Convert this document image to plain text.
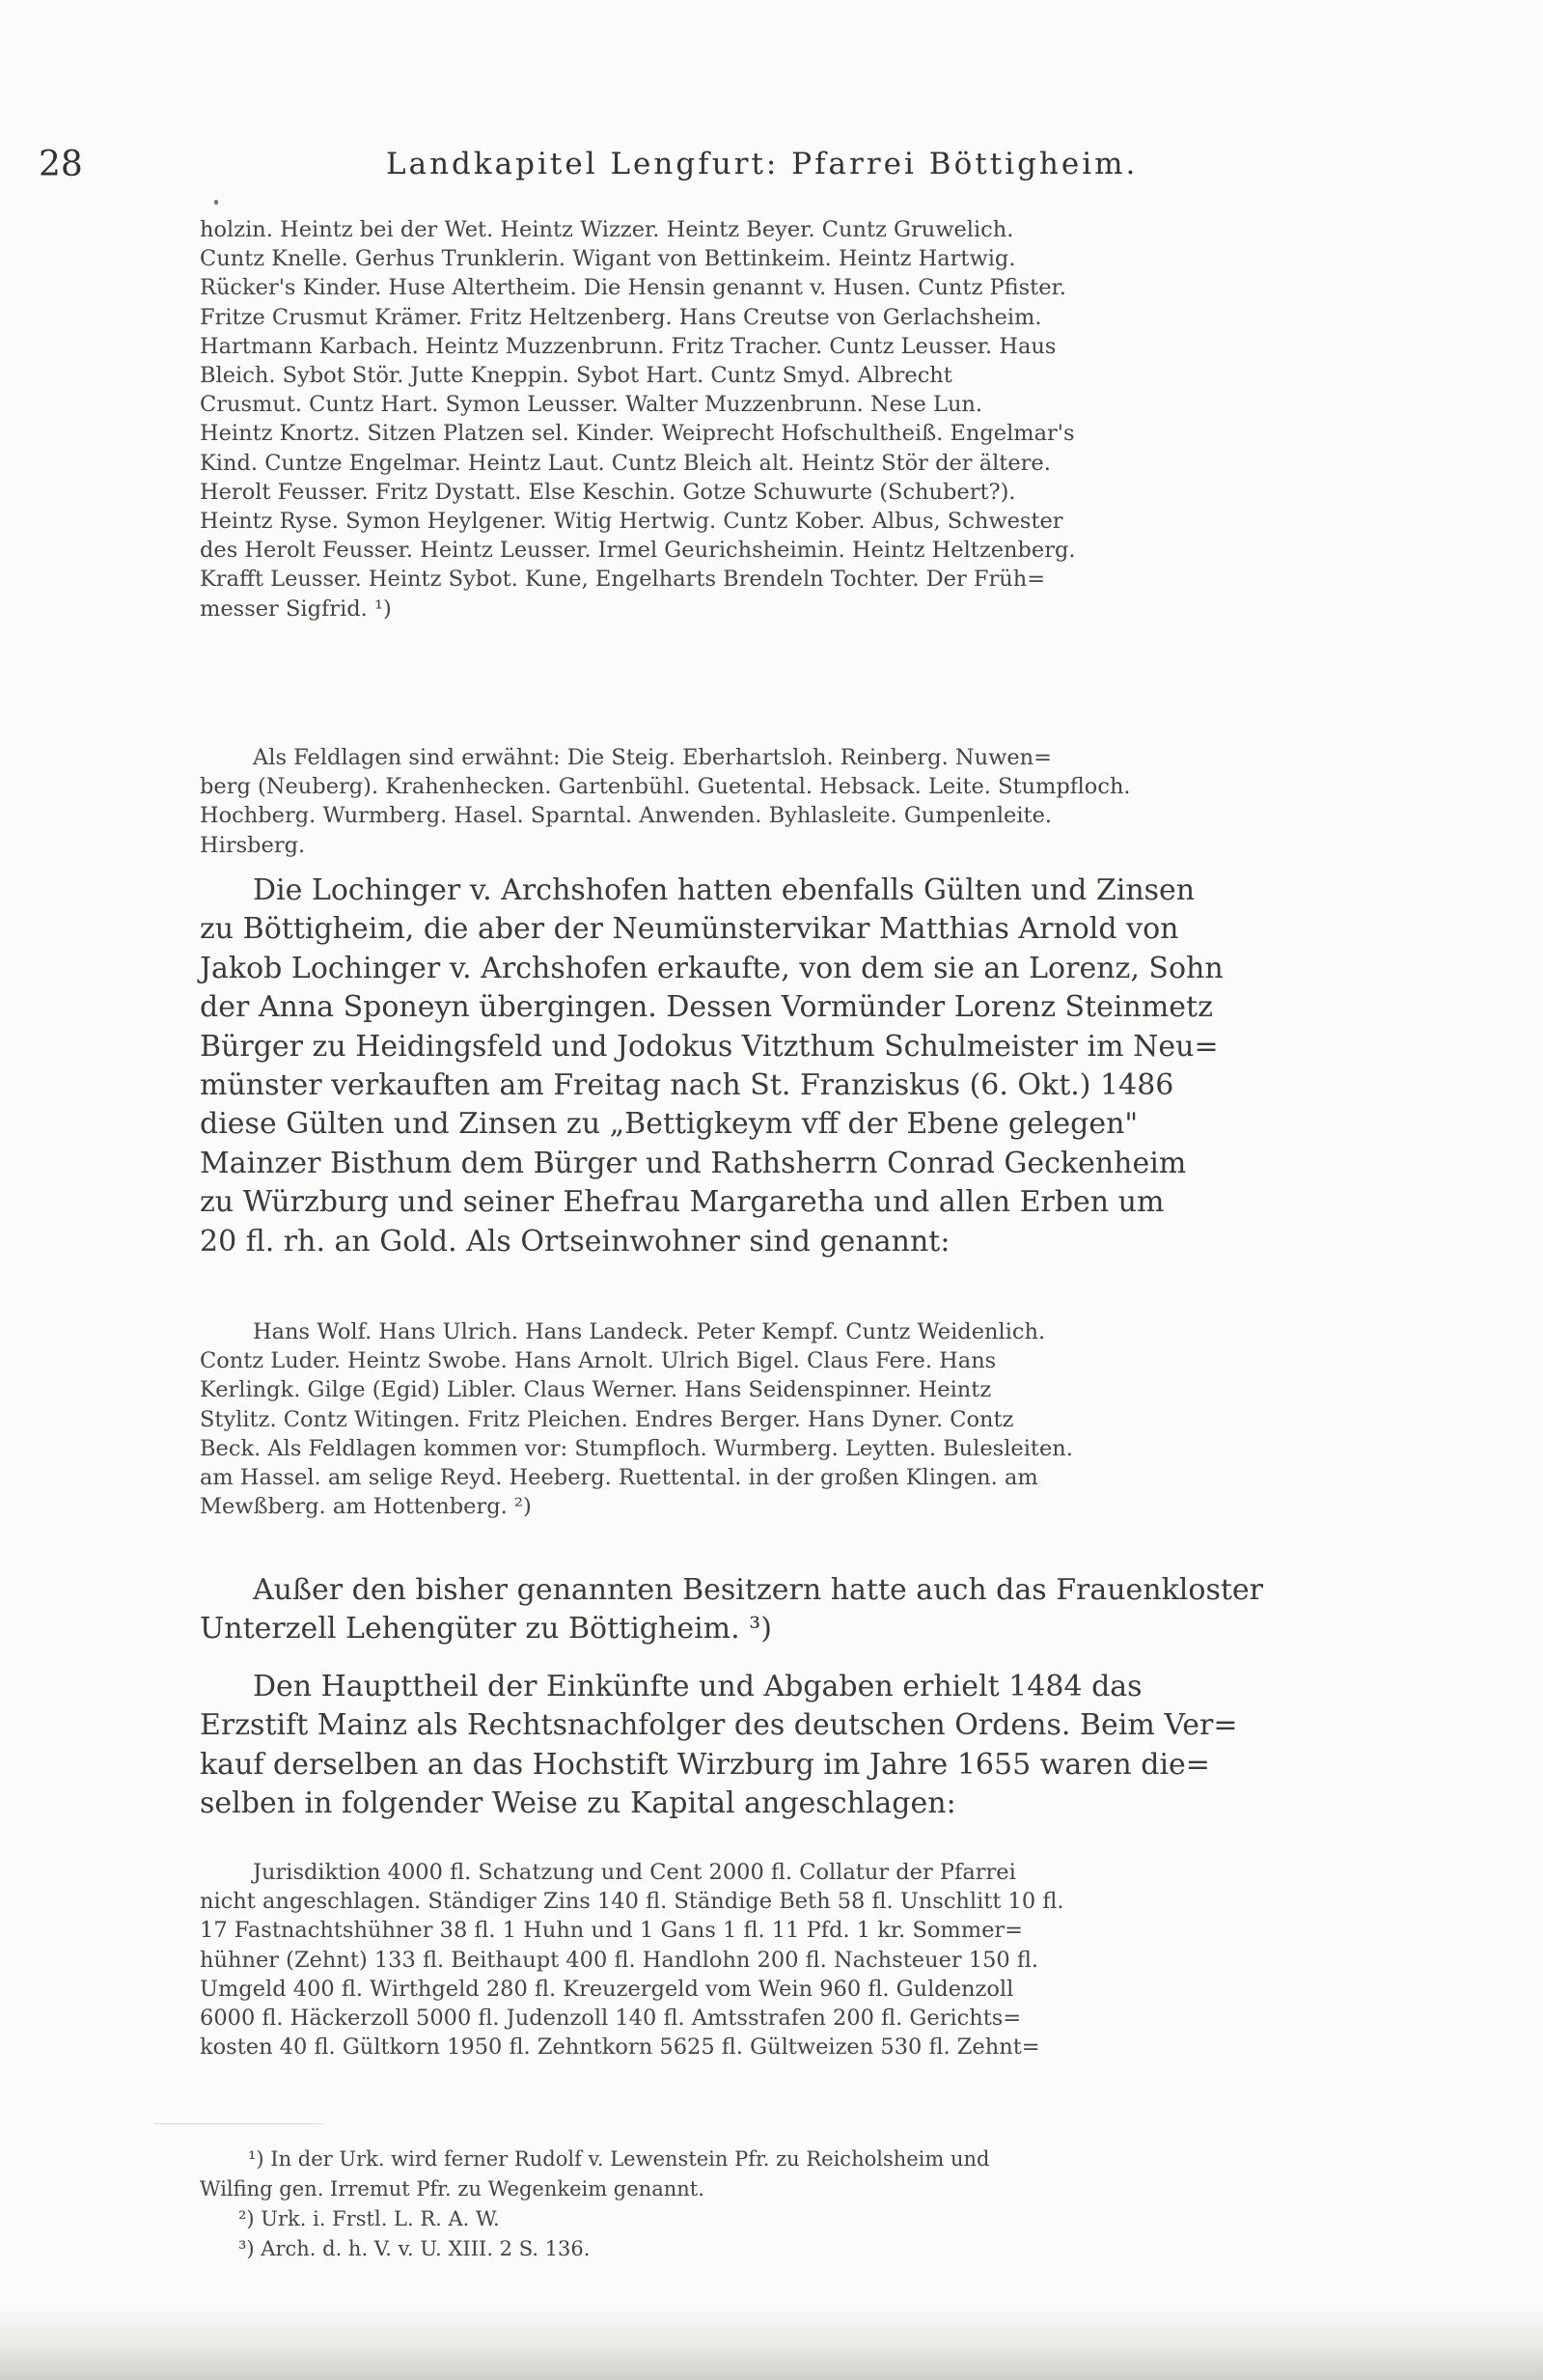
28	Landkapitel Lengfurt: Pfarrei Böttigheim.
holzin. Heintz bei der Wet. Heintz Wizzer. Heintz Beyer. Cuntz Gruwelich.
Cuntz Knelle. Gerhus Trunklerin. Wigant von Bettinkeim. Heintz Hartwig.
Rücker's Kinder. Huse Altertheim. Die Hensin genannt v. Husen. Cuntz Pfister.
Fritze Crusmut Krämer. Fritz Heltzenberg. Hans Creutse von Gerlachsheim.
Hartmann Karbach. Heintz Muzzenbrunn. Fritz Tracher. Cuntz Leusser. Haus
Bleich. Sybot Stör. Jutte Kneppin. Sybot Hart. Cuntz Smyd. Albrecht
Crusmut. Cuntz Hart. Symon Leusser. Walter Muzzenbrunn. Nese Lun.
Heintz Knortz. Sitzen Platzen sel. Kinder. Weiprecht Hofschultheiß. Engelmar's
Kind. Cuntze Engelmar. Heintz Laut. Cuntz Bleich alt. Heintz Stör der ältere.
Herolt Feusser. Fritz Dystatt. Else Keschin. Gotze Schuwurte (Schubert?).
Heintz Ryse. Symon Heylgener. Witig Hertwig. Cuntz Kober. Albus, Schwester
des Herolt Feusser. Heintz Leusser. Irmel Geurichsheimin. Heintz Heltzenberg.
Krafft Leusser. Heintz Sybot. Kune, Engelharts Brendeln Tochter. Der Früh=
messer Sigfrid. ¹)
Als Feldlagen sind erwähnt: Die Steig. Eberhartsloh. Reinberg. Nuwen=
berg (Neuberg). Krahenhecken. Gartenbühl. Guetental. Hebsack. Leite. Stumpfloch.
Hochberg. Wurmberg. Hasel. Sparntal. Anwenden. Byhlasleite. Gumpenleite.
Hirsberg.
Die Lochinger v. Archshofen hatten ebenfalls Gülten und Zinsen
zu Böttigheim, die aber der Neumünstervikar Matthias Arnold von
Jakob Lochinger v. Archshofen erkaufte, von dem sie an Lorenz, Sohn
der Anna Sponeyn übergingen. Dessen Vormünder Lorenz Steinmetz
Bürger zu Heidingsfeld und Jodokus Vitzthum Schulmeister im Neu=
münster verkauften am Freitag nach St. Franziskus (6. Okt.) 1486
diese Gülten und Zinsen zu „Bettigkeym vff der Ebene gelegen"
Mainzer Bisthum dem Bürger und Rathsherrn Conrad Geckenheim
zu Würzburg und seiner Ehefrau Margaretha und allen Erben um
20 fl. rh. an Gold. Als Ortseinwohner sind genannt:
Hans Wolf. Hans Ulrich. Hans Landeck. Peter Kempf. Cuntz Weidenlich.
Contz Luder. Heintz Swobe. Hans Arnolt. Ulrich Bigel. Claus Fere. Hans
Kerlingk. Gilge (Egid) Libler. Claus Werner. Hans Seidenspinner. Heintz
Stylitz. Contz Witingen. Fritz Pleichen. Endres Berger. Hans Dyner. Contz
Beck. Als Feldlagen kommen vor: Stumpfloch. Wurmberg. Leytten. Bulesleiten.
am Hassel. am selige Reyd. Heeberg. Ruettental. in der großen Klingen. am
Mewßberg. am Hottenberg. ²)
Außer den bisher genannten Besitzern hatte auch das Frauenkloster
Unterzell Lehengüter zu Böttigheim. ³)
Den Haupttheil der Einkünfte und Abgaben erhielt 1484 das
Erzstift Mainz als Rechtsnachfolger des deutschen Ordens. Beim Ver=
kauf derselben an das Hochstift Wirzburg im Jahre 1655 waren die=
selben in folgender Weise zu Kapital angeschlagen:
Jurisdiktion 4000 fl. Schatzung und Cent 2000 fl. Collatur der Pfarrei
nicht angeschlagen. Ständiger Zins 140 fl. Ständige Beth 58 fl. Unschlitt 10 fl.
17 Fastnachtshühner 38 fl. 1 Huhn und 1 Gans 1 fl. 11 Pfd. 1 kr. Sommer=
hühner (Zehnt) 133 fl. Beithaupt 400 fl. Handlohn 200 fl. Nachsteuer 150 fl.
Umgeld 400 fl. Wirthgeld 280 fl. Kreuzergeld vom Wein 960 fl. Guldenzoll
6000 fl. Häckerzoll 5000 fl. Judenzoll 140 fl. Amtsstrafen 200 fl. Gerichts=
kosten 40 fl. Gültkorn 1950 fl. Zehntkorn 5625 fl. Gültweizen 530 fl. Zehnt=
¹) In der Urk. wird ferner Rudolf v. Lewenstein Pfr. zu Reicholsheim und
Wilfing gen. Irremut Pfr. zu Wegenkeim genannt.
²) Urk. i. Frstl. L. R. A. W.
³) Arch. d. h. V. v. U. XIII. 2 S. 136.
